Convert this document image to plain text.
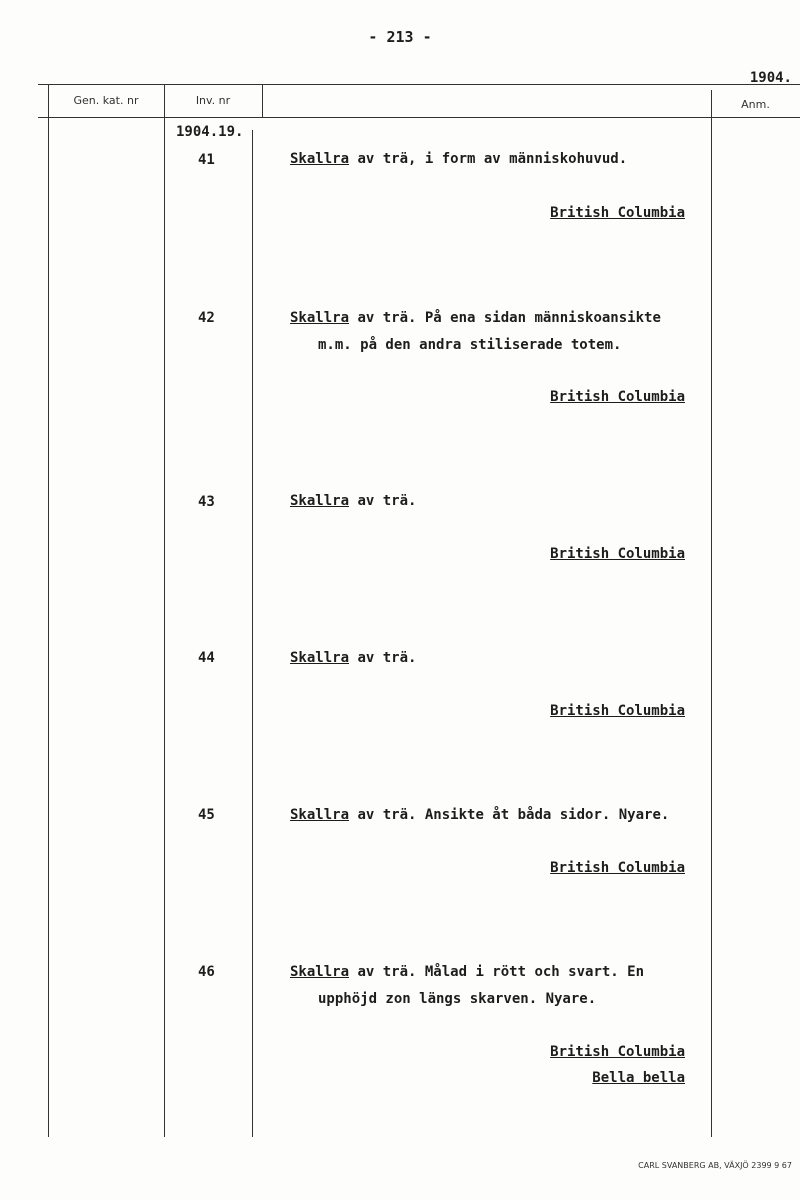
- 213 -
1904.
Gen. kat. nr	Inv. nr	Anm.
1904.19.
41	Skallra av trä, i form av människohuvud.
British Columbia
42	Skallra av trä. På ena sidan människoansikte
m.m. på den andra stiliserade totem.
British Columbia
43	Skallra av trä.
British Columbia
44	Skallra av trä.
British Columbia
45	Skallra av trä. Ansikte åt båda sidor. Nyare.
British Columbia
46	Skallra av trä. Målad i rött och svart. En
upphöjd zon längs skarven. Nyare.
British Columbia
Bella bella
CARL SVANBERG AB, VÄXJÖ 2399 9 67
